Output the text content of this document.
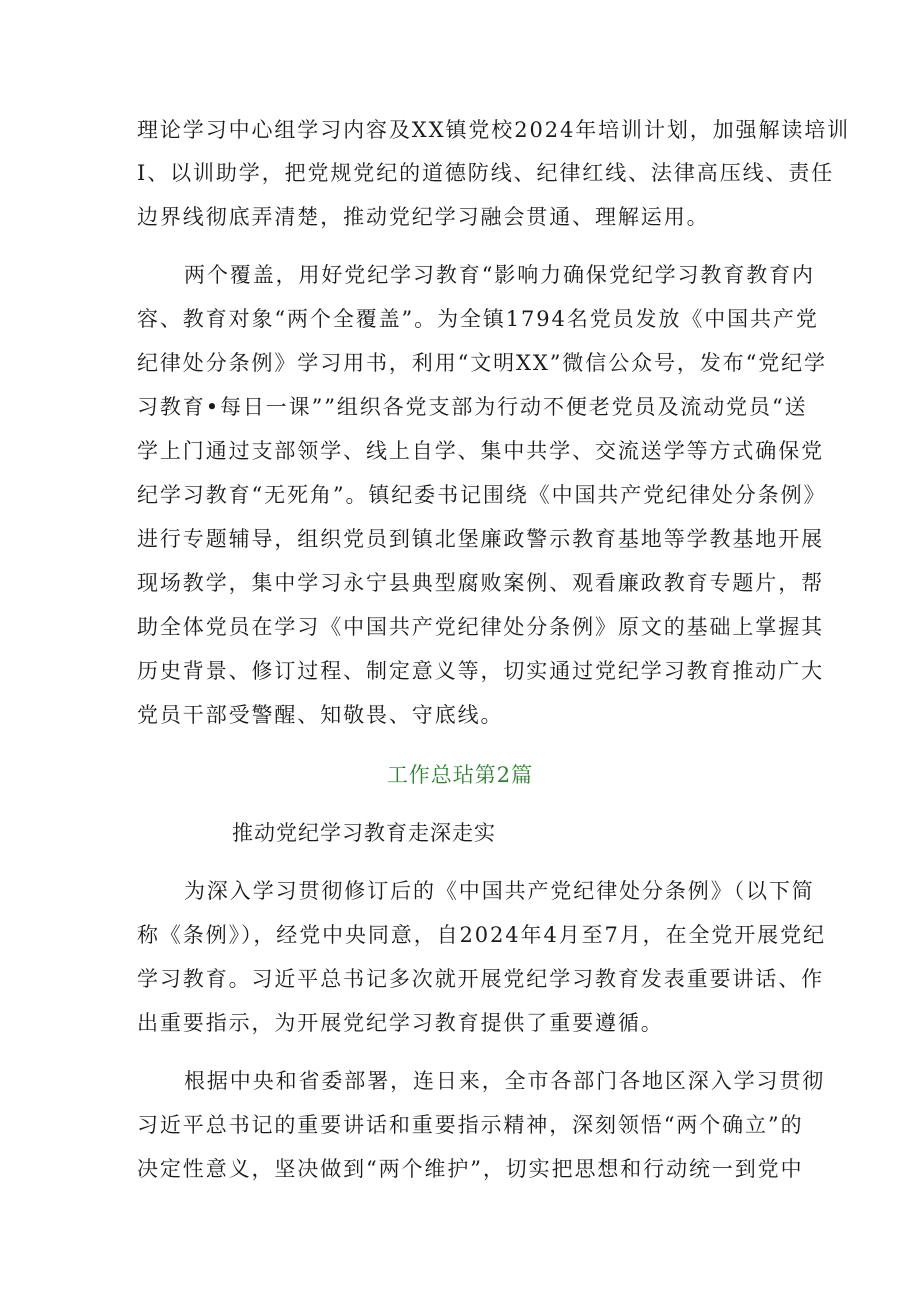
理论学习中心组学习内容及XX镇党校2024年培训计划，加强解读培训
Ⅰ、以训助学，把党规党纪的道德防线、纪律红线、法律高压线、责任
边界线彻底弄清楚，推动党纪学习融会贯通、理解运用。
两个覆盖，用好党纪学习教育“影响力确保党纪学习教育教育内
容、教育对象“两个全覆盖”。为全镇1794名党员发放《中国共产党
纪律处分条例》学习用书，利用“文明XX”微信公众号，发布“党纪学
习教育•每日一课””组织各党支部为行动不便老党员及流动党员“送
学上门通过支部领学、线上自学、集中共学、交流送学等方式确保党
纪学习教育“无死角”。镇纪委书记围绕《中国共产党纪律处分条例》
进行专题辅导，组织党员到镇北堡廉政警示教育基地等学教基地开展
现场教学，集中学习永宁县典型腐败案例、观看廉政教育专题片，帮
助全体党员在学习《中国共产党纪律处分条例》原文的基础上掌握其
历史背景、修订过程、制定意义等，切实通过党纪学习教育推动广大
党员干部受警醒、知敬畏、守底线。
工作总玷第2篇
推动党纪学习教育走深走实
为深入学习贯彻修订后的《中国共产党纪律处分条例》（以下简
称《条例》），经党中央同意，自2024年4月至7月，在全党开展党纪
学习教育。习近平总书记多次就开展党纪学习教育发表重要讲话、作
出重要指示，为开展党纪学习教育提供了重要遵循。
根据中央和省委部署，连日来，全市各部门各地区深入学习贯彻
习近平总书记的重要讲话和重要指示精神，深刻领悟“两个确立”的
决定性意义，坚决做到“两个维护”，切实把思想和行动统一到党中
